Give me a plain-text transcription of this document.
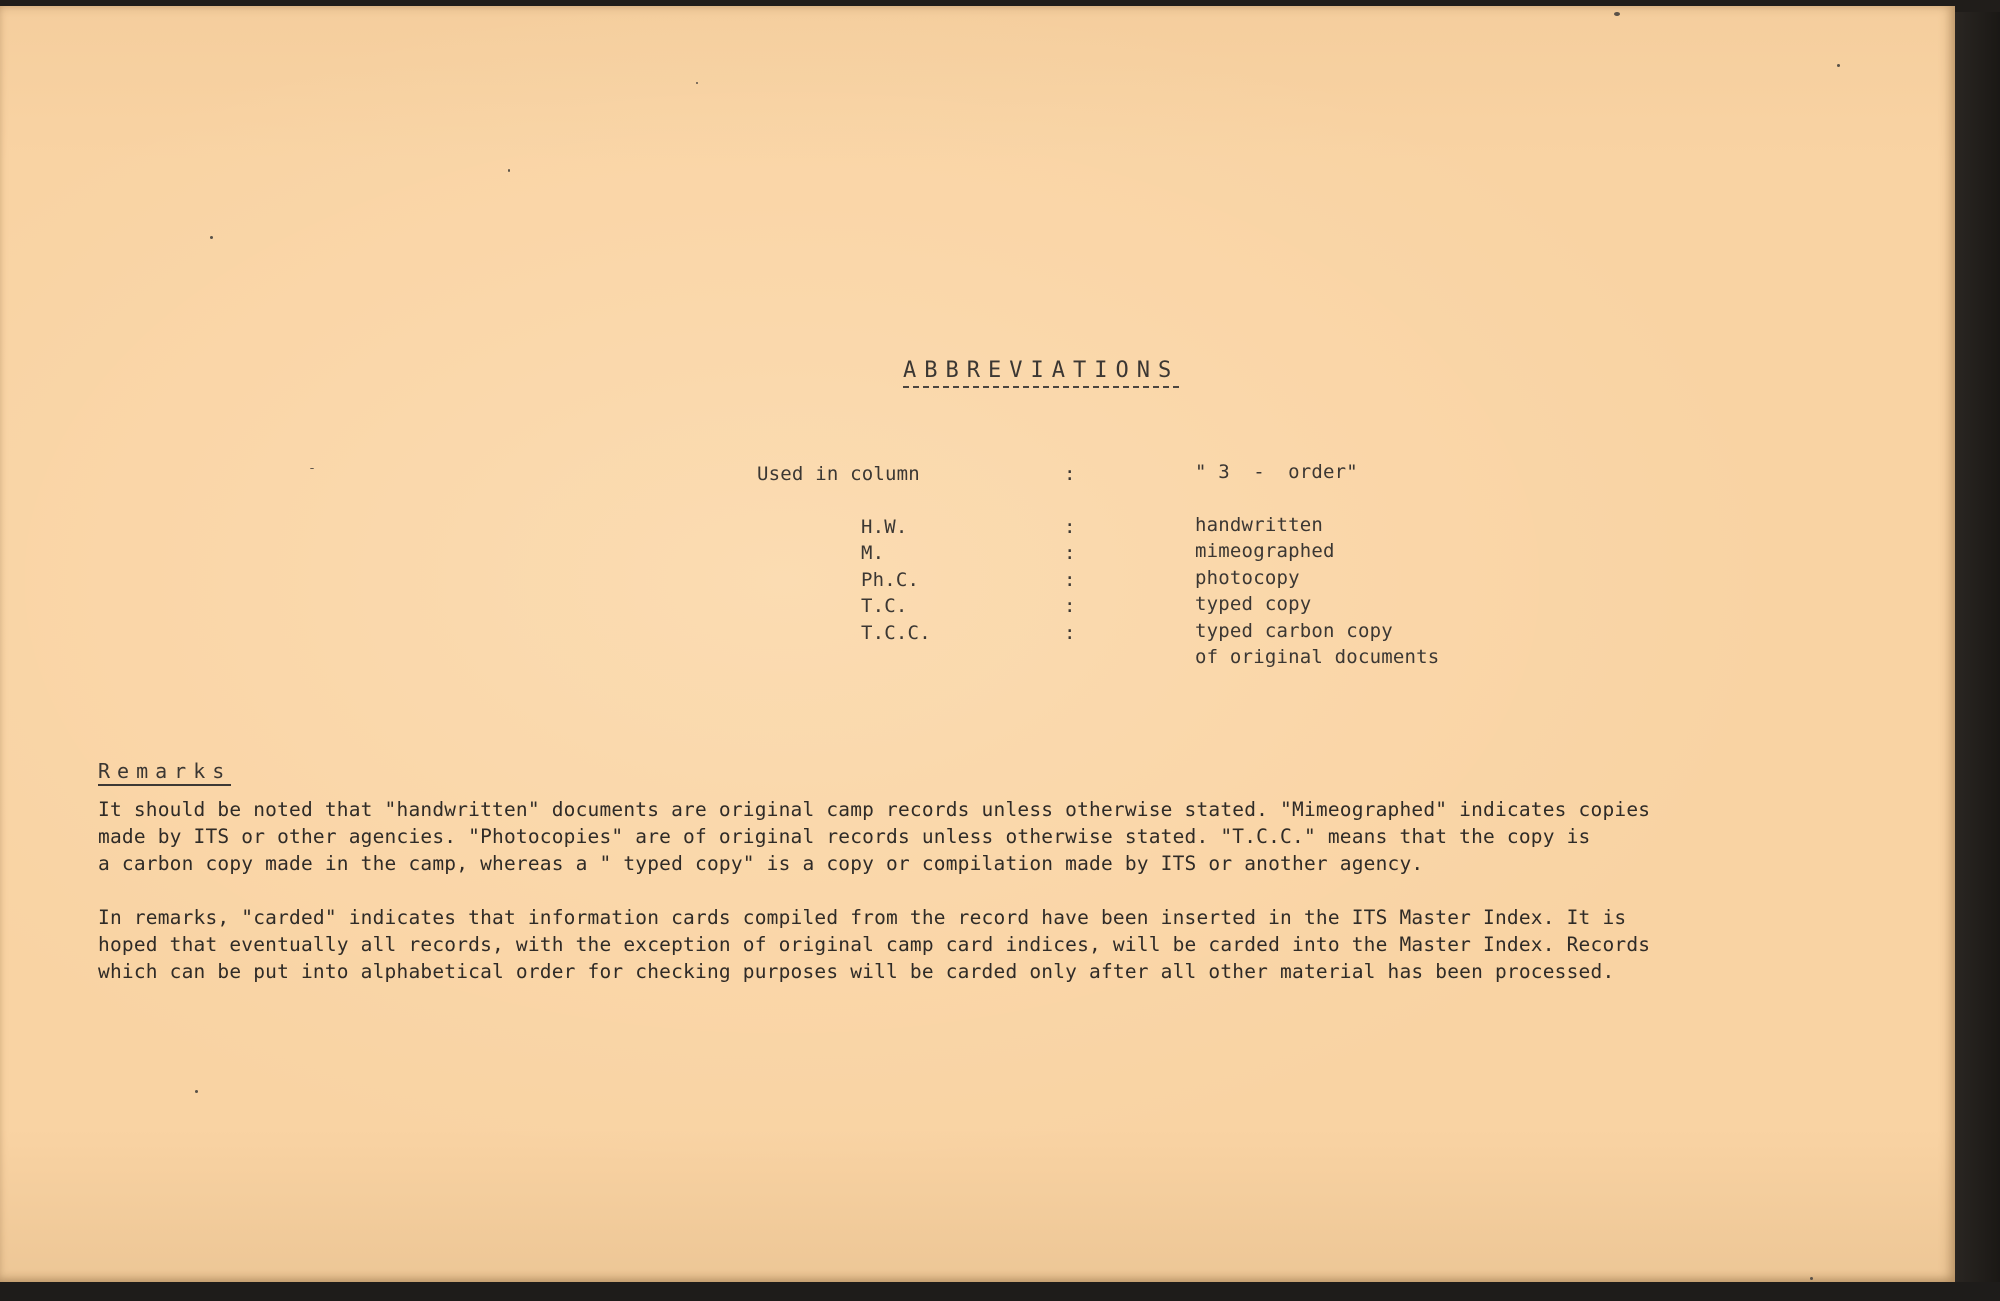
ABBREVIATIONS
Used in column	:	" 3  -  order"
H.W.	:	handwritten
M.	:	mimeographed
Ph.C.	:	photocopy
T.C.	:	typed copy
T.C.C.	:	typed carbon copy
of original documents
Remarks
It should be noted that "handwritten" documents are original camp records unless otherwise stated. "Mimeographed" indicates copies
made by ITS or other agencies. "Photocopies" are of original records unless otherwise stated. "T.C.C." means that the copy is
a carbon copy made in the camp, whereas a " typed copy" is a copy or compilation made by ITS or another agency.
In remarks, "carded" indicates that information cards compiled from the record have been inserted in the ITS Master Index. It is
hoped that eventually all records, with the exception of original camp card indices, will be carded into the Master Index. Records
which can be put into alphabetical order for checking purposes will be carded only after all other material has been processed.
